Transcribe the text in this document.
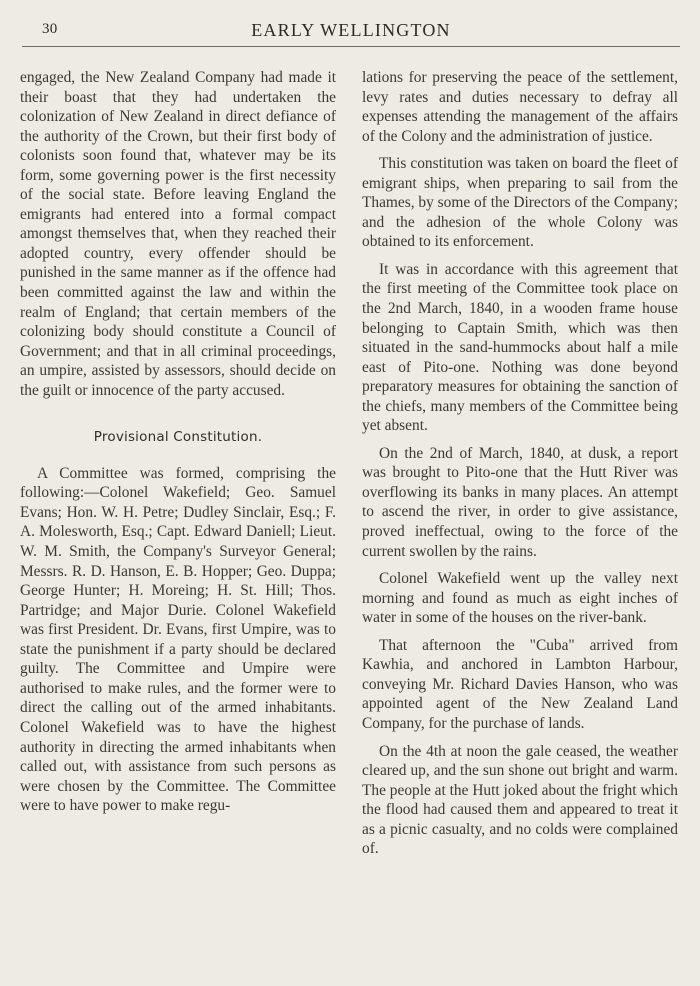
30	EARLY WELLINGTON

engaged, the New Zealand Company had made it their boast that they had undertaken the colonization of New Zealand in direct defiance of the authority of the Crown, but their first body of colonists soon found that, whatever may be its form, some governing power is the first necessity of the social state. Before leaving England the emigrants had entered into a formal compact amongst themselves that, when they reached their adopted country, every offender should be punished in the same manner as if the offence had been committed against the law and within the realm of England; that certain members of the colonizing body should constitute a Council of Government; and that in all criminal proceedings, an umpire, assisted by assessors, should decide on the guilt or innocence of the party accused.

Provisional Constitution.

A Committee was formed, comprising the following:—Colonel Wakefield; Geo. Samuel Evans; Hon. W. H. Petre; Dudley Sinclair, Esq.; F. A. Molesworth, Esq.; Capt. Edward Daniell; Lieut. W. M. Smith, the Company's Surveyor General; Messrs. R. D. Hanson, E. B. Hopper; Geo. Duppa; George Hunter; H. Moreing; H. St. Hill; Thos. Partridge; and Major Durie. Colonel Wakefield was first President. Dr. Evans, first Umpire, was to state the punishment if a party should be declared guilty. The Committee and Umpire were authorised to make rules, and the former were to direct the calling out of the armed inhabitants. Colonel Wakefield was to have the highest authority in directing the armed inhabitants when called out, with assistance from such persons as were chosen by the Committee. The Committee were to have power to make regu-

lations for preserving the peace of the settlement, levy rates and duties necessary to defray all expenses attending the management of the affairs of the Colony and the administration of justice.

This constitution was taken on board the fleet of emigrant ships, when preparing to sail from the Thames, by some of the Directors of the Company; and the adhesion of the whole Colony was obtained to its enforcement.

It was in accordance with this agreement that the first meeting of the Committee took place on the 2nd March, 1840, in a wooden frame house belonging to Captain Smith, which was then situated in the sand-hummocks about half a mile east of Pito-one. Nothing was done beyond preparatory measures for obtaining the sanction of the chiefs, many members of the Committee being yet absent.

On the 2nd of March, 1840, at dusk, a report was brought to Pito-one that the Hutt River was overflowing its banks in many places. An attempt to ascend the river, in order to give assistance, proved ineffectual, owing to the force of the current swollen by the rains.

Colonel Wakefield went up the valley next morning and found as much as eight inches of water in some of the houses on the river-bank.

That afternoon the "Cuba" arrived from Kawhia, and anchored in Lambton Harbour, conveying Mr. Richard Davies Hanson, who was appointed agent of the New Zealand Land Company, for the purchase of lands.

On the 4th at noon the gale ceased, the weather cleared up, and the sun shone out bright and warm. The people at the Hutt joked about the fright which the flood had caused them and appeared to treat it as a picnic casualty, and no colds were complained of.
